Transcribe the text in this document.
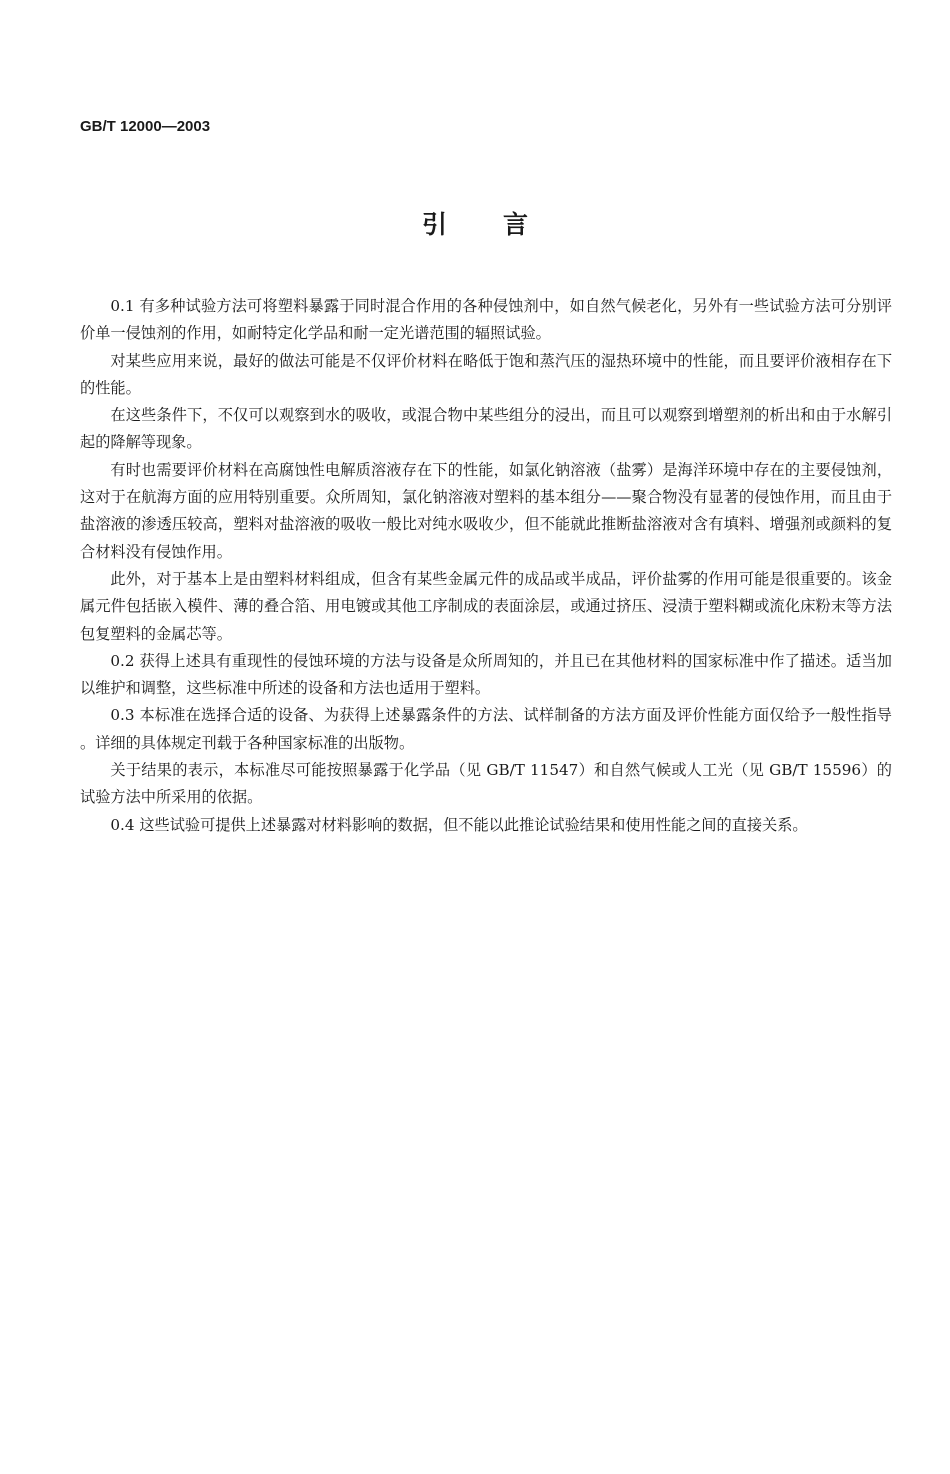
GB/T 12000—2003
引 言

0.1 有多种试验方法可将塑料暴露于同时混合作用的各种侵蚀剂中，如自然气候老化，另外有一些试验方法可分别评价单一侵蚀剂的作用，如耐特定化学品和耐一定光谱范围的辐照试验。

对某些应用来说，最好的做法可能是不仅评价材料在略低于饱和蒸汽压的湿热环境中的性能，而且要评价液相存在下的性能。

在这些条件下，不仅可以观察到水的吸收，或混合物中某些组分的浸出，而且可以观察到增塑剂的析出和由于水解引起的降解等现象。

有时也需要评价材料在高腐蚀性电解质溶液存在下的性能，如氯化钠溶液（盐雾）是海洋环境中存在的主要侵蚀剂，这对于在航海方面的应用特别重要。众所周知，氯化钠溶液对塑料的基本组分——聚合物没有显著的侵蚀作用，而且由于盐溶液的渗透压较高，塑料对盐溶液的吸收一般比对纯水吸收少，但不能就此推断盐溶液对含有填料、增强剂或颜料的复合材料没有侵蚀作用。

此外，对于基本上是由塑料材料组成，但含有某些金属元件的成品或半成品，评价盐雾的作用可能是很重要的。该金属元件包括嵌入模件、薄的叠合箔、用电镀或其他工序制成的表面涂层，或通过挤压、浸渍于塑料糊或流化床粉末等方法包复塑料的金属芯等。

0.2 获得上述具有重现性的侵蚀环境的方法与设备是众所周知的，并且已在其他材料的国家标准中作了描述。适当加以维护和调整，这些标准中所述的设备和方法也适用于塑料。

0.3 本标准在选择合适的设备、为获得上述暴露条件的方法、试样制备的方法方面及评价性能方面仅给予一般性指导。详细的具体规定刊载于各种国家标准的出版物。

关于结果的表示，本标准尽可能按照暴露于化学品（见 GB/T 11547）和自然气候或人工光（见 GB/T 15596）的试验方法中所采用的依据。

0.4 这些试验可提供上述暴露对材料影响的数据，但不能以此推论试验结果和使用性能之间的直接关系。
